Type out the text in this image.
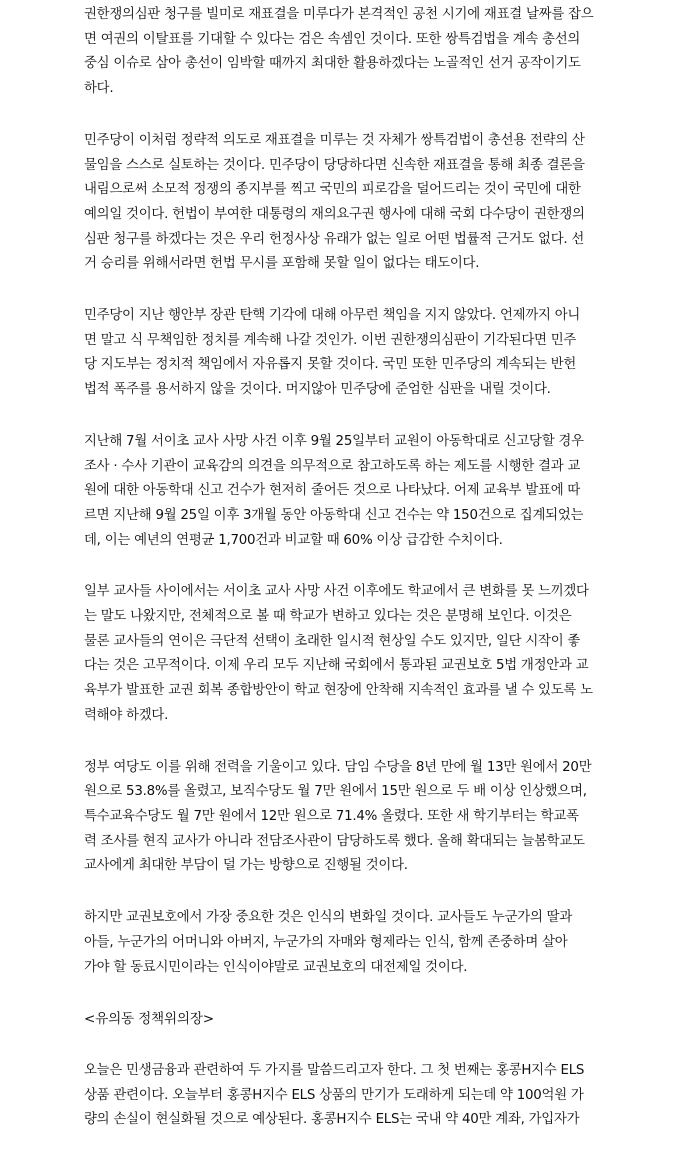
권한쟁의심판 청구를 빌미로 재표결을 미루다가 본격적인 공천 시기에 재표결 날짜를 잡으
면 여권의 이탈표를 기대할 수 있다는 검은 속셈인 것이다. 또한 쌍특검법을 계속 총선의
중심 이슈로 삼아 총선이 임박할 때까지 최대한 활용하겠다는 노골적인 선거 공작이기도
하다.

민주당이 이처럼 정략적 의도로 재표결을 미루는 것 자체가 쌍특검법이 총선용 전략의 산
물임을 스스로 실토하는 것이다. 민주당이 당당하다면 신속한 재표결을 통해 최종 결론을
내림으로써 소모적 정쟁의 종지부를 찍고 국민의 피로감을 덜어드리는 것이 국민에 대한
예의일 것이다. 헌법이 부여한 대통령의 재의요구권 행사에 대해 국회 다수당이 권한쟁의
심판 청구를 하겠다는 것은 우리 헌정사상 유래가 없는 일로 어떤 법률적 근거도 없다. 선
거 승리를 위해서라면 헌법 무시를 포함해 못할 일이 없다는 태도이다.

민주당이 지난 행안부 장관 탄핵 기각에 대해 아무런 책임을 지지 않았다. 언제까지 아니
면 말고 식 무책임한 정치를 계속해 나갈 것인가. 이번 권한쟁의심판이 기각된다면 민주
당 지도부는 정치적 책임에서 자유롭지 못할 것이다. 국민 또한 민주당의 계속되는 반헌
법적 폭주를 용서하지 않을 것이다. 머지않아 민주당에 준엄한 심판을 내릴 것이다.

지난해 7월 서이초 교사 사망 사건 이후 9월 25일부터 교원이 아동학대로 신고당할 경우
조사 · 수사 기관이 교육감의 의견을 의무적으로 참고하도록 하는 제도를 시행한 결과 교
원에 대한 아동학대 신고 건수가 현저히 줄어든 것으로 나타났다. 어제 교육부 발표에 따
르면 지난해 9월 25일 이후 3개월 동안 아동학대 신고 건수는 약 150건으로 집계되었는
데, 이는 예년의 연평균 1,700건과 비교할 때 60% 이상 급감한 수치이다.

일부 교사들 사이에서는 서이초 교사 사망 사건 이후에도 학교에서 큰 변화를 못 느끼겠다
는 말도 나왔지만, 전체적으로 볼 때 학교가 변하고 있다는 것은 분명해 보인다. 이것은
물론 교사들의 연이은 극단적 선택이 초래한 일시적 현상일 수도 있지만, 일단 시작이 좋
다는 것은 고무적이다. 이제 우리 모두 지난해 국회에서 통과된 교권보호 5법 개정안과 교
육부가 발표한 교권 회복 종합방안이 학교 현장에 안착해 지속적인 효과를 낼 수 있도록 노
력해야 하겠다.

정부 여당도 이를 위해 전력을 기울이고 있다. 담임 수당을 8년 만에 월 13만 원에서 20만
원으로 53.8%를 올렸고, 보직수당도 월 7만 원에서 15만 원으로 두 배 이상 인상했으며,
특수교육수당도 월 7만 원에서 12만 원으로 71.4% 올렸다. 또한 새 학기부터는 학교폭
력 조사를 현직 교사가 아니라 전담조사관이 담당하도록 했다. 올해 확대되는 늘봄학교도
교사에게 최대한 부담이 덜 가는 방향으로 진행될 것이다.

하지만 교권보호에서 가장 중요한 것은 인식의 변화일 것이다. 교사들도 누군가의 딸과
아들, 누군가의 어머니와 아버지, 누군가의 자매와 형제라는 인식, 함께 존중하며 살아
가야 할 동료시민이라는 인식이야말로 교권보호의 대전제일 것이다.

<유의동 정책위의장>

오늘은 민생금융과 관련하여 두 가지를 말씀드리고자 한다. 그 첫 번째는 홍콩H지수 ELS
상품 관련이다. 오늘부터 홍콩H지수 ELS 상품의 만기가 도래하게 되는데 약 100억원 가
량의 손실이 현실화될 것으로 예상된다. 홍콩H지수 ELS는 국내 약 40만 계좌, 가입자가
